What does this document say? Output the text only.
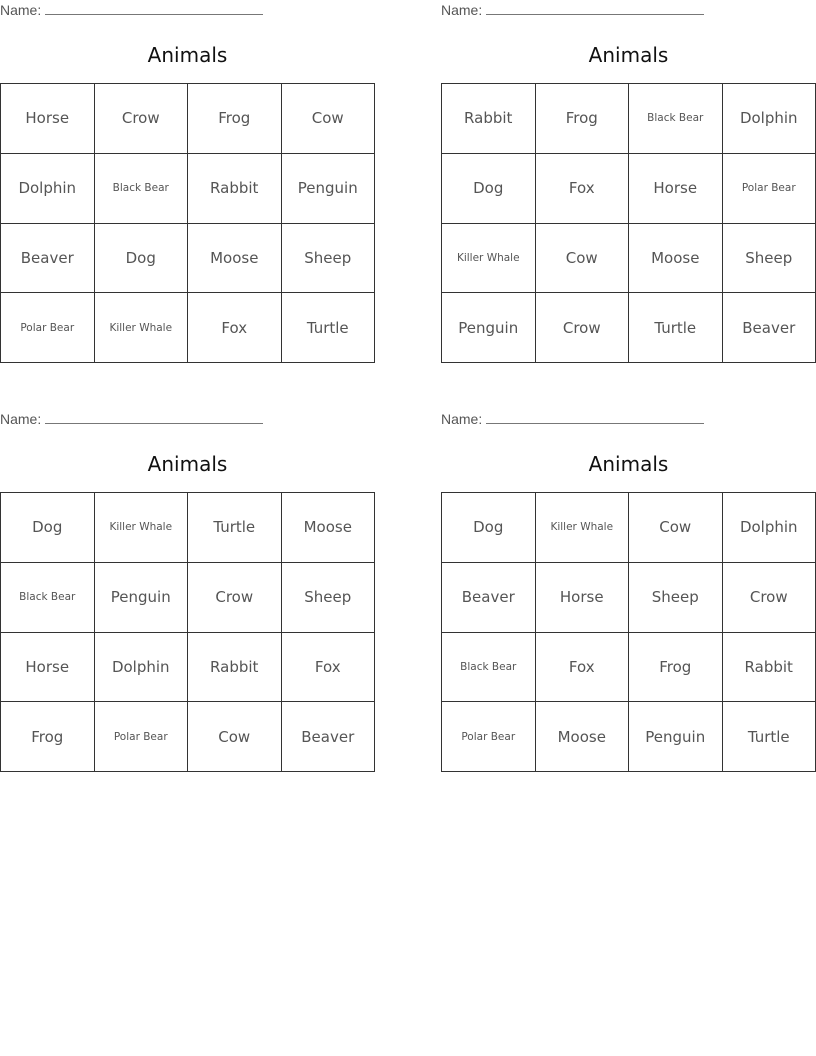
Name:
Animals
Horse	Crow	Frog	Cow
Dolphin	Black Bear	Rabbit	Penguin
Beaver	Dog	Moose	Sheep
Polar Bear	Killer Whale	Fox	Turtle
Name:
Animals
Rabbit	Frog	Black Bear	Dolphin
Dog	Fox	Horse	Polar Bear
Killer Whale	Cow	Moose	Sheep
Penguin	Crow	Turtle	Beaver
Name:
Animals
Dog	Killer Whale	Turtle	Moose
Black Bear	Penguin	Crow	Sheep
Horse	Dolphin	Rabbit	Fox
Frog	Polar Bear	Cow	Beaver
Name:
Animals
Dog	Killer Whale	Cow	Dolphin
Beaver	Horse	Sheep	Crow
Black Bear	Fox	Frog	Rabbit
Polar Bear	Moose	Penguin	Turtle
